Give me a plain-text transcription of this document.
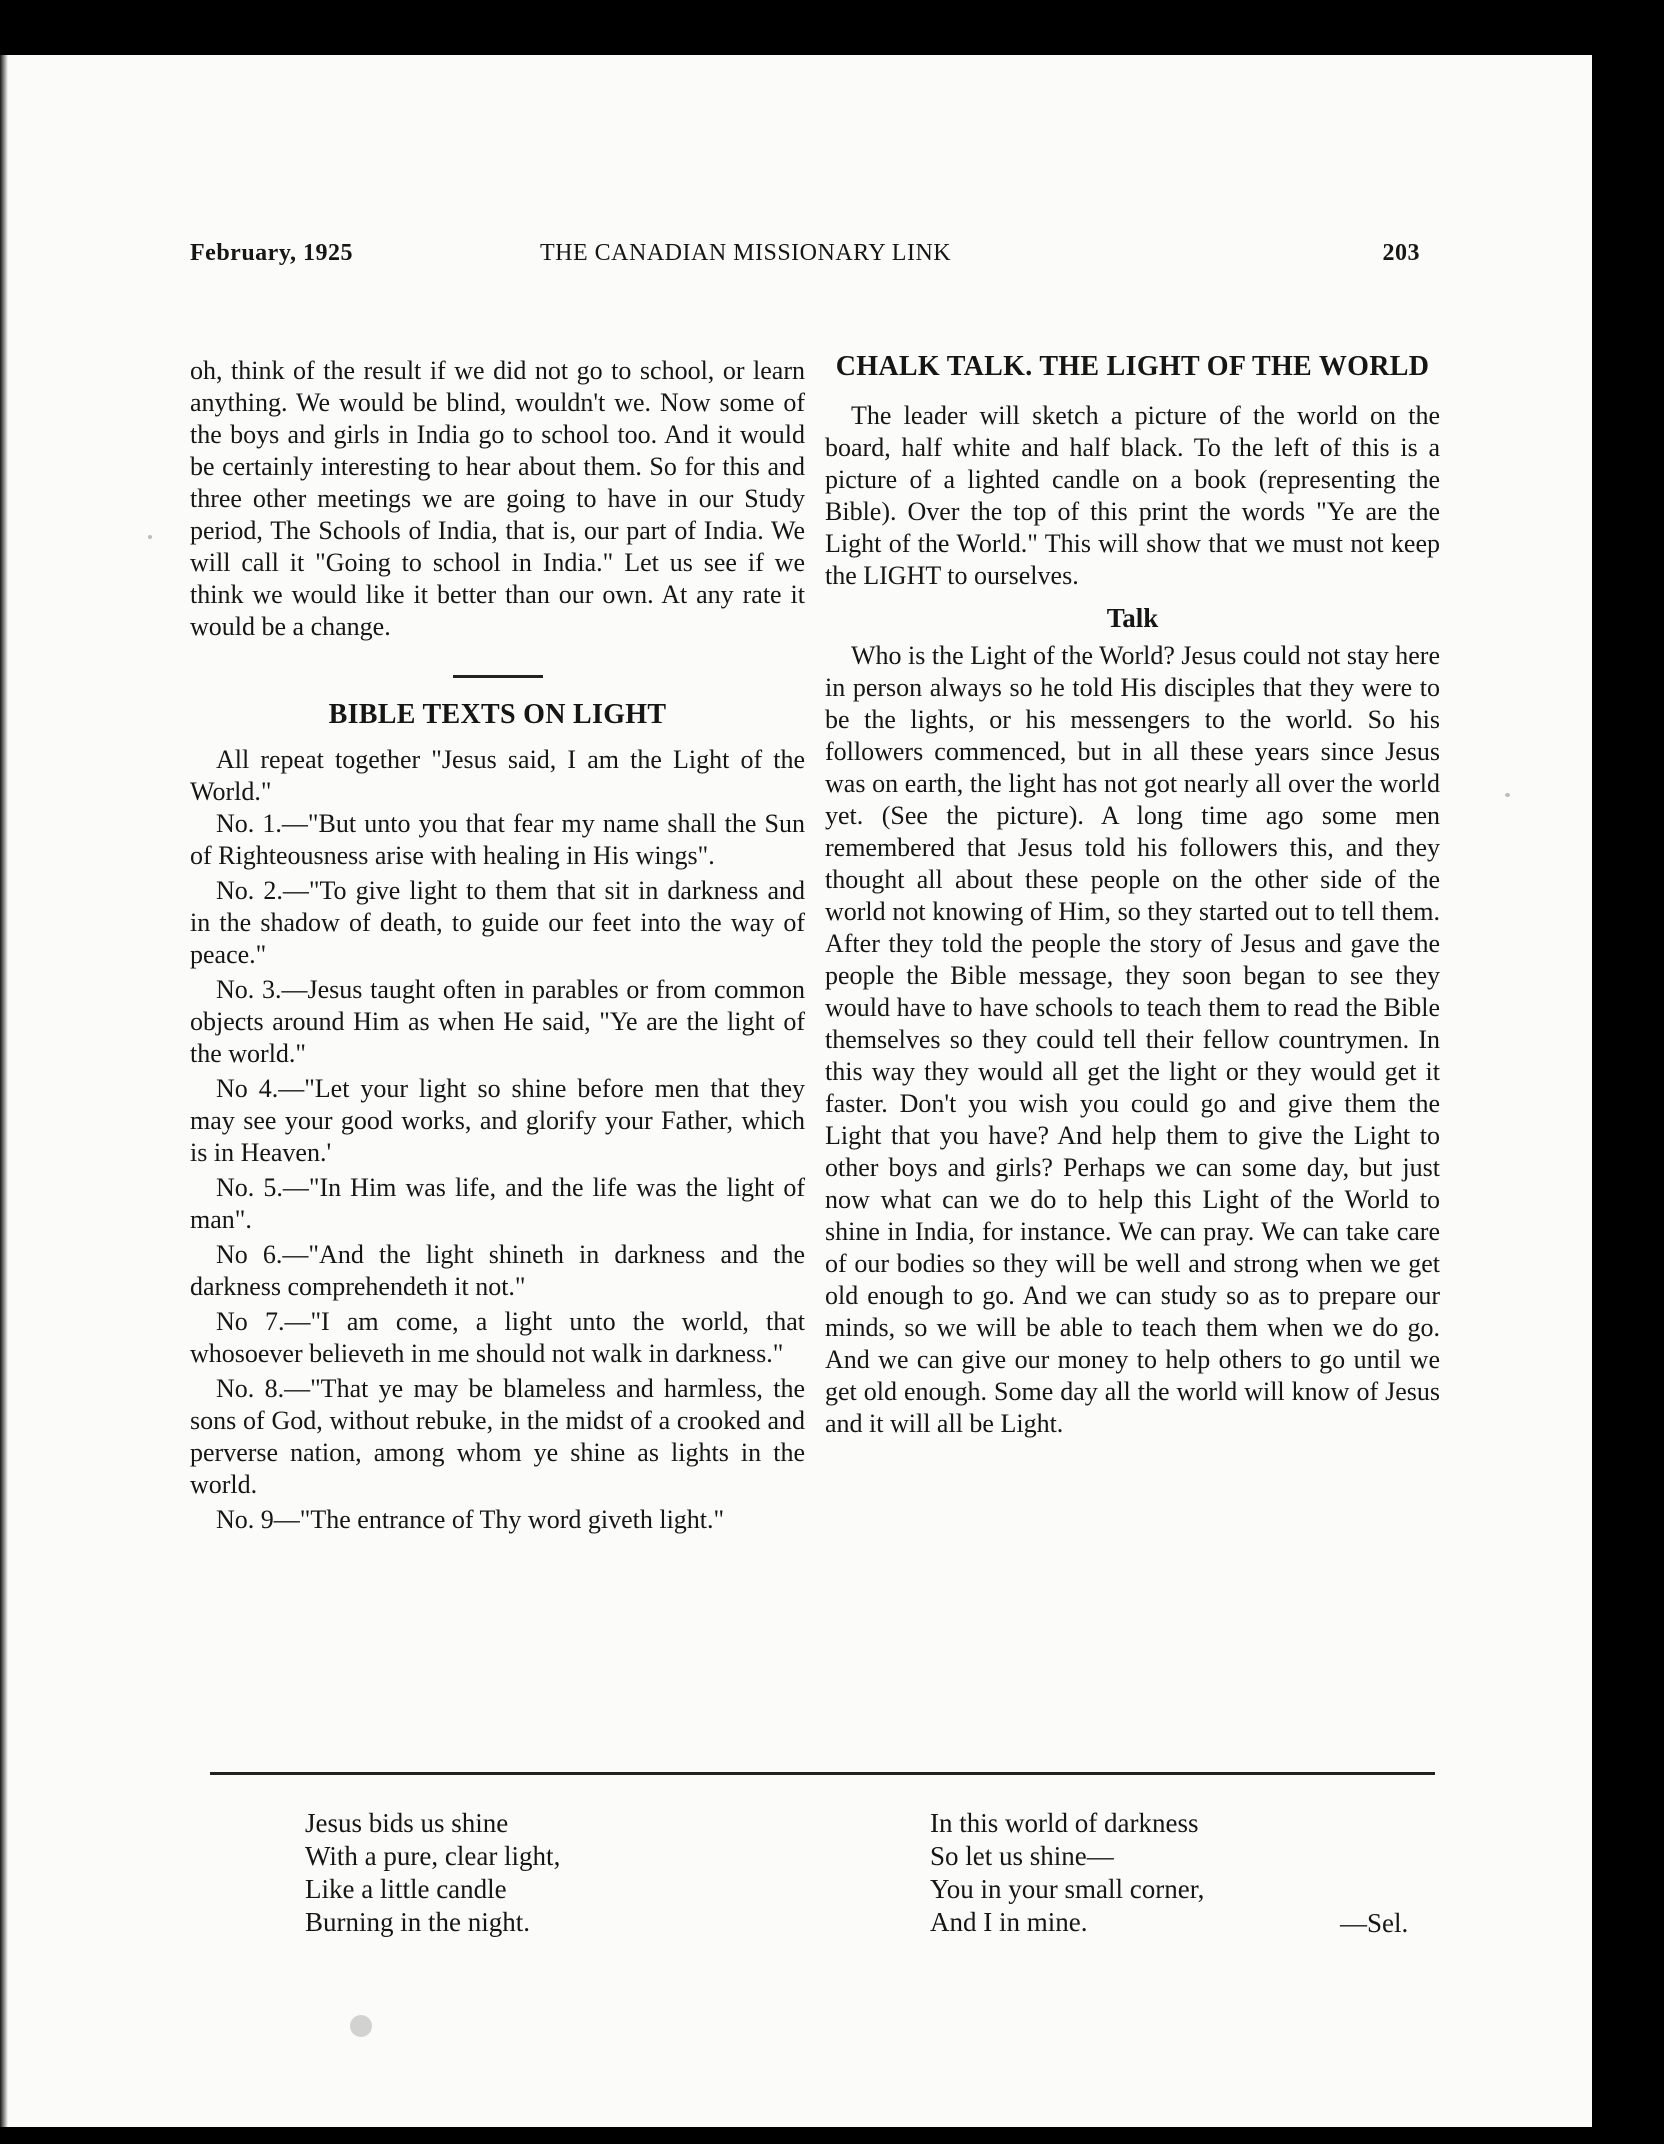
February, 1925	THE CANADIAN MISSIONARY LINK	203

oh, think of the result if we did not go to school, or learn anything. We would be blind, wouldn't we. Now some of the boys and girls in India go to school too. And it would be certainly interesting to hear about them. So for this and three other meetings we are going to have in our Study period, The Schools of India, that is, our part of India. We will call it "Going to school in India." Let us see if we think we would like it better than our own. At any rate it would be a change.

BIBLE TEXTS ON LIGHT

All repeat together "Jesus said, I am the Light of the World."

No. 1.—"But unto you that fear my name shall the Sun of Righteousness arise with healing in His wings".

No. 2.—"To give light to them that sit in darkness and in the shadow of death, to guide our feet into the way of peace."

No. 3.—Jesus taught often in parables or from common objects around Him as when He said, "Ye are the light of the world."

No 4.—"Let your light so shine before men that they may see your good works, and glorify your Father, which is in Heaven.'

No. 5.—"In Him was life, and the life was the light of man".

No 6.—"And the light shineth in darkness and the darkness comprehendeth it not."

No 7.—"I am come, a light unto the world, that whosoever believeth in me should not walk in darkness."

No. 8.—"That ye may be blameless and harmless, the sons of God, without rebuke, in the midst of a crooked and perverse nation, among whom ye shine as lights in the world.

No. 9—"The entrance of Thy word giveth light."

CHALK TALK. THE LIGHT OF THE WORLD

The leader will sketch a picture of the world on the board, half white and half black. To the left of this is a picture of a lighted candle on a book (representing the Bible). Over the top of this print the words "Ye are the Light of the World." This will show that we must not keep the LIGHT to ourselves.

Talk

Who is the Light of the World? Jesus could not stay here in person always so he told His disciples that they were to be the lights, or his messengers to the world. So his followers commenced, but in all these years since Jesus was on earth, the light has not got nearly all over the world yet. (See the picture). A long time ago some men remembered that Jesus told his followers this, and they thought all about these people on the other side of the world not knowing of Him, so they started out to tell them. After they told the people the story of Jesus and gave the people the Bible message, they soon began to see they would have to have schools to teach them to read the Bible themselves so they could tell their fellow countrymen. In this way they would all get the light or they would get it faster. Don't you wish you could go and give them the Light that you have? And help them to give the Light to other boys and girls? Perhaps we can some day, but just now what can we do to help this Light of the World to shine in India, for instance. We can pray. We can take care of our bodies so they will be well and strong when we get old enough to go. And we can study so as to prepare our minds, so we will be able to teach them when we do go. And we can give our money to help others to go until we get old enough. Some day all the world will know of Jesus and it will all be Light.

Jesus bids us shine

With a pure, clear light,

Like a little candle

Burning in the night.

In this world of darkness

So let us shine—

You in your small corner,

And I in mine.	—Sel.
